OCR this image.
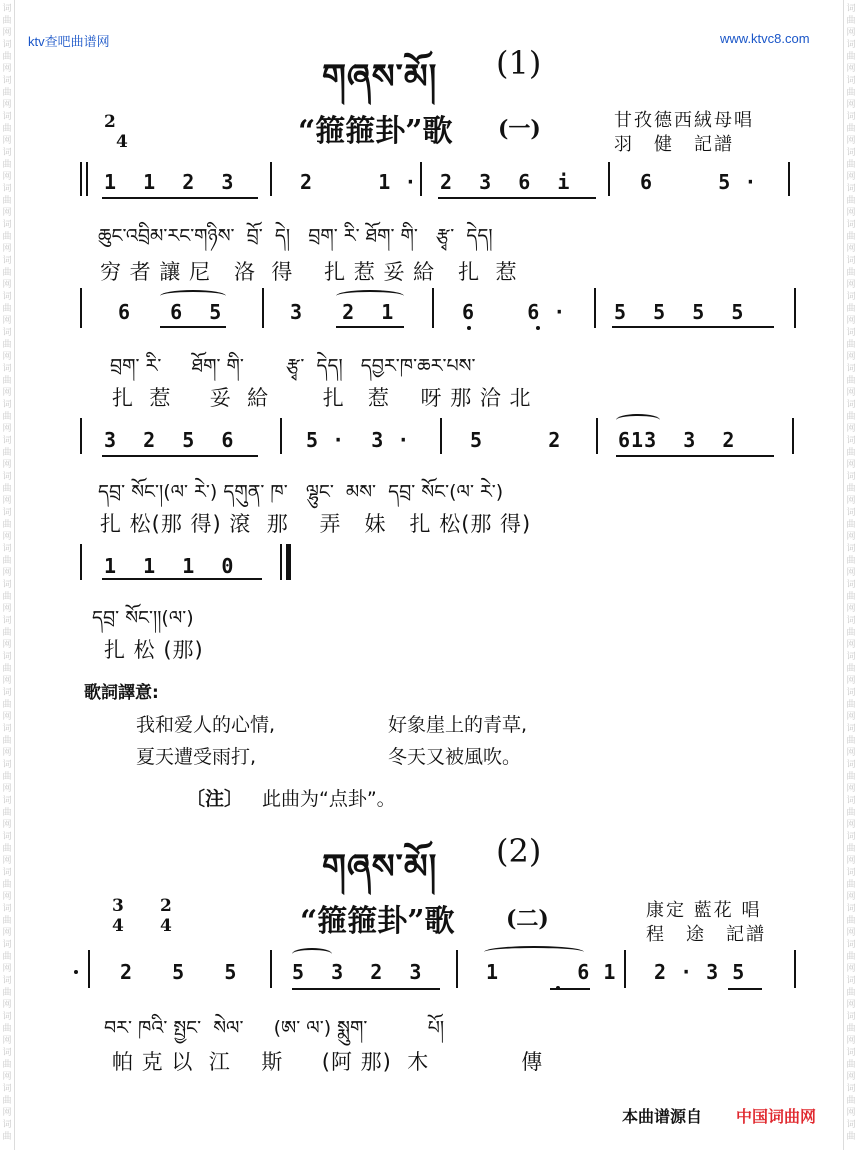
词	词
曲	曲
网	网
词	词
曲	曲
网	网
词	词
曲	曲
网	网
词	词
曲	曲
网	网
词	词
曲	曲
网	网
词	词
曲	曲
网	网
词	词
曲	曲
网	网
词	词
曲	曲
网	网
词	词
曲	曲
网	网
词	词
曲	曲
网	网
词	词
曲	曲
网	网
词	词
曲	曲
网	网
词	词
曲	曲
网	网
词	词
曲	曲
网	网
词	词
曲	曲
网	网
词	词
曲	曲
网	网
词	词
曲	曲
网	网
词	词
曲	曲
网	网
词	词
曲	曲
网	网
词	词
曲	曲
网	网
词	词
曲	曲
网	网
词	词
曲	曲
网	网
词	词
曲	曲
网	网
词	词
曲	曲
网	网
词	词
曲	曲
网	网
词	词
曲	曲
网	网
词	词
曲	曲
网	网
词	词
曲	曲
网	网
词	词
曲	曲
网	网
词	词
曲	曲
网	网
词	词
曲	曲
网	网
词	词
曲	曲
ktv查吧曲谱网	www.ktvc8.com
གཞས་མོ། (1)
2
4	“箍箍卦”歌 (一)	甘孜德西絨母唱
羽　健　記譜
1  1  2  3	2     1 · 2  3  6  i	6     5 ·
ཆུང་འབྲིམ་རང་གཉིས་  བྲོ་  དེ།   བྲག་ རི་ ཐོག་ གི་   རྩྭ་  དེད།
穷 者 讓 尼   洛  得    扎 惹 妥 給   扎  惹
6   6  5	3   2  1	6    6 · 5  5  5  5
བྲག་ རི་     ཐོག་ གི་       རྩྭ་  དེད།   དབྱར་ཁ་ཆར་པས་
扎  惹     妥  給       扎   惹    呀 那 洽 北
3  2  5  6	5 ·  3 ·	5     2	613  3  2
དབྲ་ སོང་།(ལ་ རེ་) དགུན་ ཁ་   ལྷུང་  མས་  དབྲ་ སོང་(ལ་ རེ་)
扎 松(那 得) 滾  那    弄   妹   扎 松(那 得)
1  1  1  0
དབྲ་ སོང་།།(ལ་)
扎 松 (那)
歌詞譯意:
我和爱人的心情,	好象崖上的青草,
夏天遭受雨打,	冬天又被風吹。
〔注〕 此曲为“点卦”。
གཞས་མོ། (2)
3
4
2
4	“箍箍卦”歌 (二)	康定 藍花 唱
程　途　記譜
2   5   5	5  3  2  3	1      6 1 2 · 3 5
བར་ ཁའི་ སྤྱང་  སེལ་     (ཨ་ ལ་) སྨུག་          པོ།
帕 克 以  江    斯     (阿 那)  木            傳
本曲谱源自 中国词曲网
